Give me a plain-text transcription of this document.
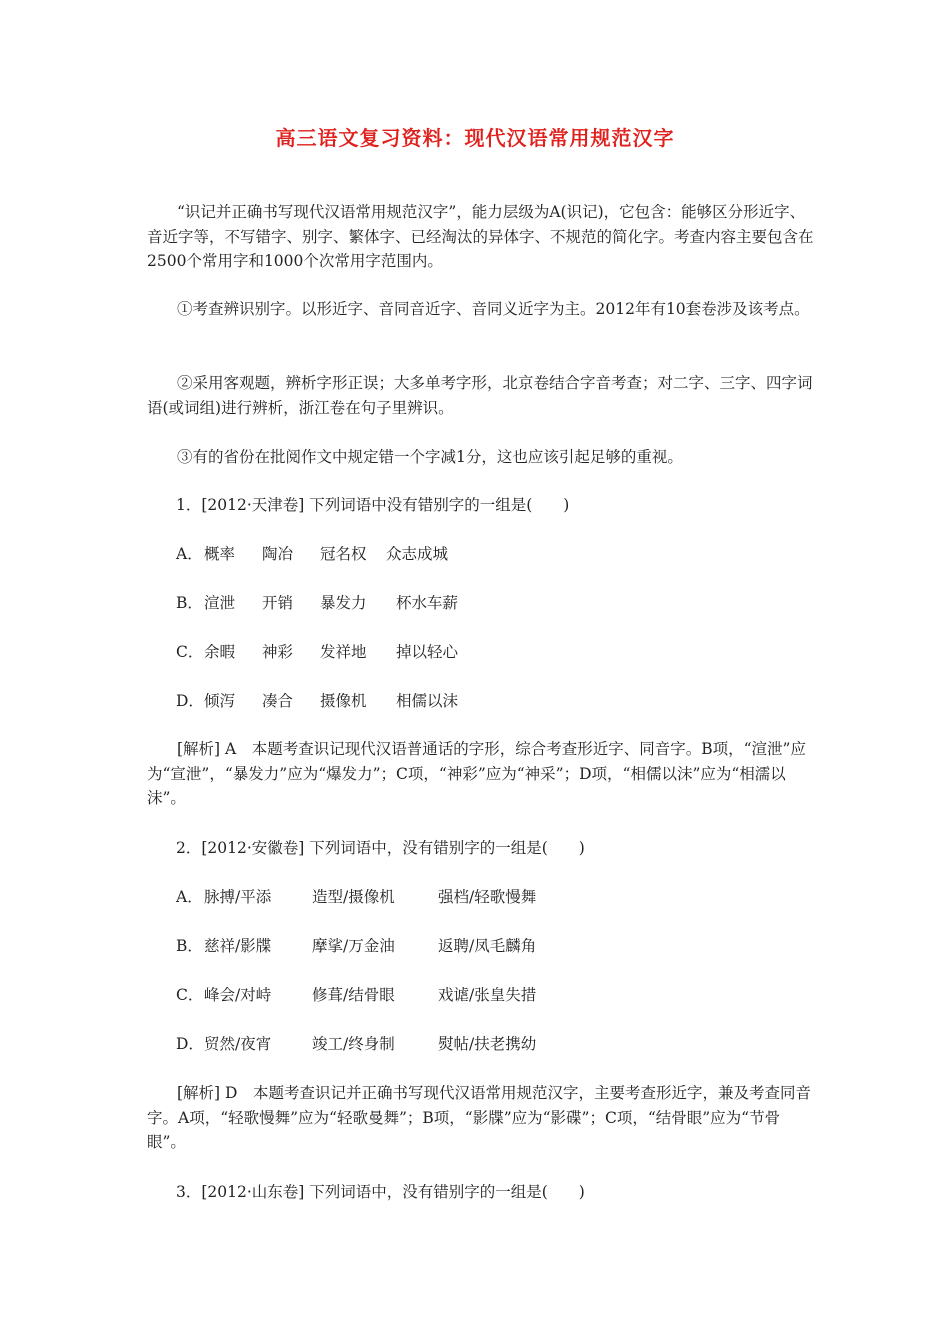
高三语文复习资料：现代汉语常用规范汉字
“识记并正确书写现代汉语常用规范汉字”，能力层级为A(识记)，它包含：能够区分形近字、音近字等，不写错字、别字、繁体字、已经淘汰的异体字、不规范的简化字。考查内容主要包含在2500个常用字和1000个次常用字范围内。
①考查辨识别字。以形近字、音同音近字、音同义近字为主。2012年有10套卷涉及该考点。
②采用客观题，辨析字形正误；大多单考字形，北京卷结合字音考查；对二字、三字、四字词语(或词组)进行辨析，浙江卷在句子里辨识。
③有的省份在批阅作文中规定错一个字减1分，这也应该引起足够的重视。
1．[2012·天津卷] 下列词语中没有错别字的一组是(　　)
A．概率 陶冶 冠名权 众志成城
B．渲泄 开销 暴发力 杯水车薪
C．余暇 神彩 发祥地 掉以轻心
D．倾泻 凑合 摄像机 相儒以沫
[解析] A　本题考查识记现代汉语普通话的字形，综合考查形近字、同音字。B项，“渲泄”应为“宣泄”，“暴发力”应为“爆发力”；C项，“神彩”应为“神采”；D项，“相儒以沫”应为“相濡以沫”。
2．[2012·安徽卷] 下列词语中，没有错别字的一组是(　　)
A．脉搏/平添	造型/摄像机	强档/轻歌慢舞
B．慈祥/影牒	摩挲/万金油	返聘/凤毛麟角
C．峰会/对峙	修葺/结骨眼	戏谑/张皇失措
D．贸然/夜宵	竣工/终身制	熨帖/扶老携幼
[解析] D　本题考查识记并正确书写现代汉语常用规范汉字，主要考查形近字，兼及考查同音字。A项，“轻歌慢舞”应为“轻歌曼舞”；B项，“影牒”应为“影碟”；C项，“结骨眼”应为“节骨眼”。
3．[2012·山东卷] 下列词语中，没有错别字的一组是(　　)
